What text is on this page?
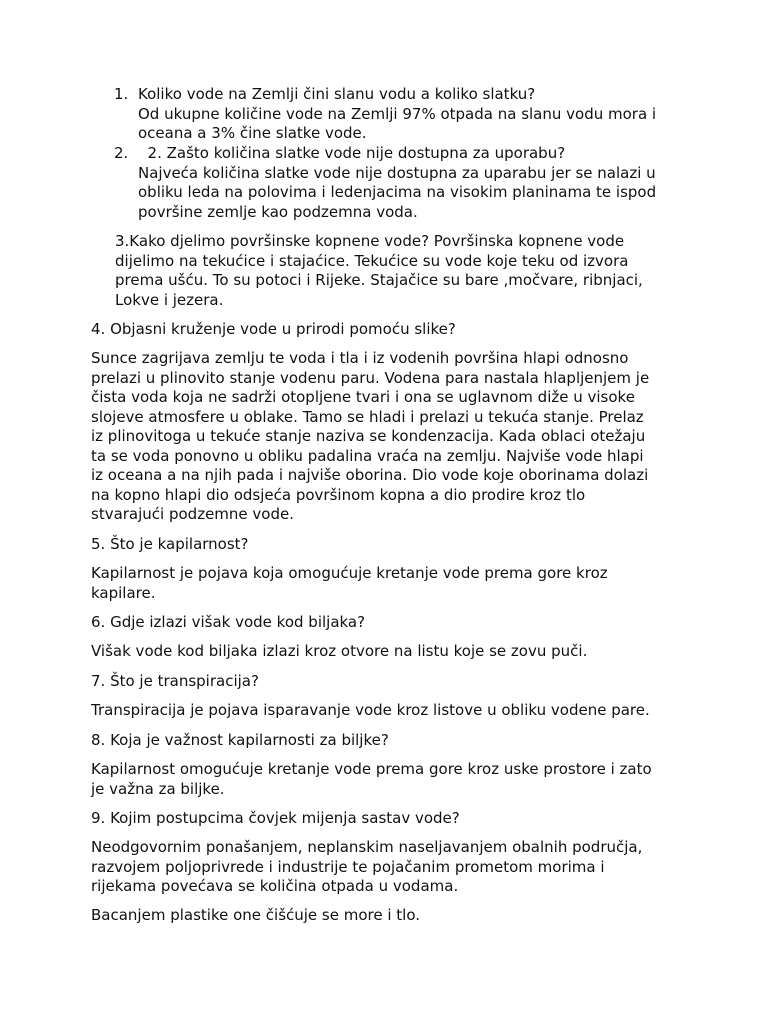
1. Koliko vode na Zemlji čini slanu vodu a koliko slatku?
Od ukupne količine vode na Zemlji 97% otpada na slanu vodu mora i
oceana a 3% čine slatke vode.
2. 2. Zašto količina slatke vode nije dostupna za uporabu?
Najveća količina slatke vode nije dostupna za uparabu jer se nalazi u
obliku leda na polovima i ledenjacima na visokim planinama te ispod
površine zemlje kao podzemna voda.
3.Kako djelimo površinske kopnene vode? Površinska kopnene vode
dijelimo na tekućice i stajaćice. Tekućice su vode koje teku od izvora
prema ušću. To su potoci i Rijeke. Stajačice su bare ,močvare, ribnjaci,
Lokve i jezera.
4. Objasni kruženje vode u prirodi pomoću slike?
Sunce zagrijava zemlju te voda i tla i iz vodenih površina hlapi odnosno
prelazi u plinovito stanje vodenu paru. Vodena para nastala hlapljenjem je
čista voda koja ne sadrži otopljene tvari i ona se uglavnom diže u visoke
slojeve atmosfere u oblake. Tamo se hladi i prelazi u tekuća stanje. Prelaz
iz plinovitoga u tekuće stanje naziva se kondenzacija. Kada oblaci otežaju
ta se voda ponovno u obliku padalina vraća na zemlju. Najviše vode hlapi
iz oceana a na njih pada i najviše oborina. Dio vode koje oborinama dolazi
na kopno hlapi dio odsjeća površinom kopna a dio prodire kroz tlo
stvarajući podzemne vode.
5. Što je kapilarnost?
Kapilarnost je pojava koja omogućuje kretanje vode prema gore kroz
kapilare.
6. Gdje izlazi višak vode kod biljaka?
Višak vode kod biljaka izlazi kroz otvore na listu koje se zovu puči.
7. Što je transpiracija?
Transpiracija je pojava isparavanje vode kroz listove u obliku vodene pare.
8. Koja je važnost kapilarnosti za biljke?
Kapilarnost omogućuje kretanje vode prema gore kroz uske prostore i zato
je važna za biljke.
9. Kojim postupcima čovjek mijenja sastav vode?
Neodgovornim ponašanjem, neplanskim naseljavanjem obalnih područja,
razvojem poljoprivrede i industrije te pojačanim prometom morima i
rijekama povećava se količina otpada u vodama.
Bacanjem plastike one čišćuje se more i tlo.
